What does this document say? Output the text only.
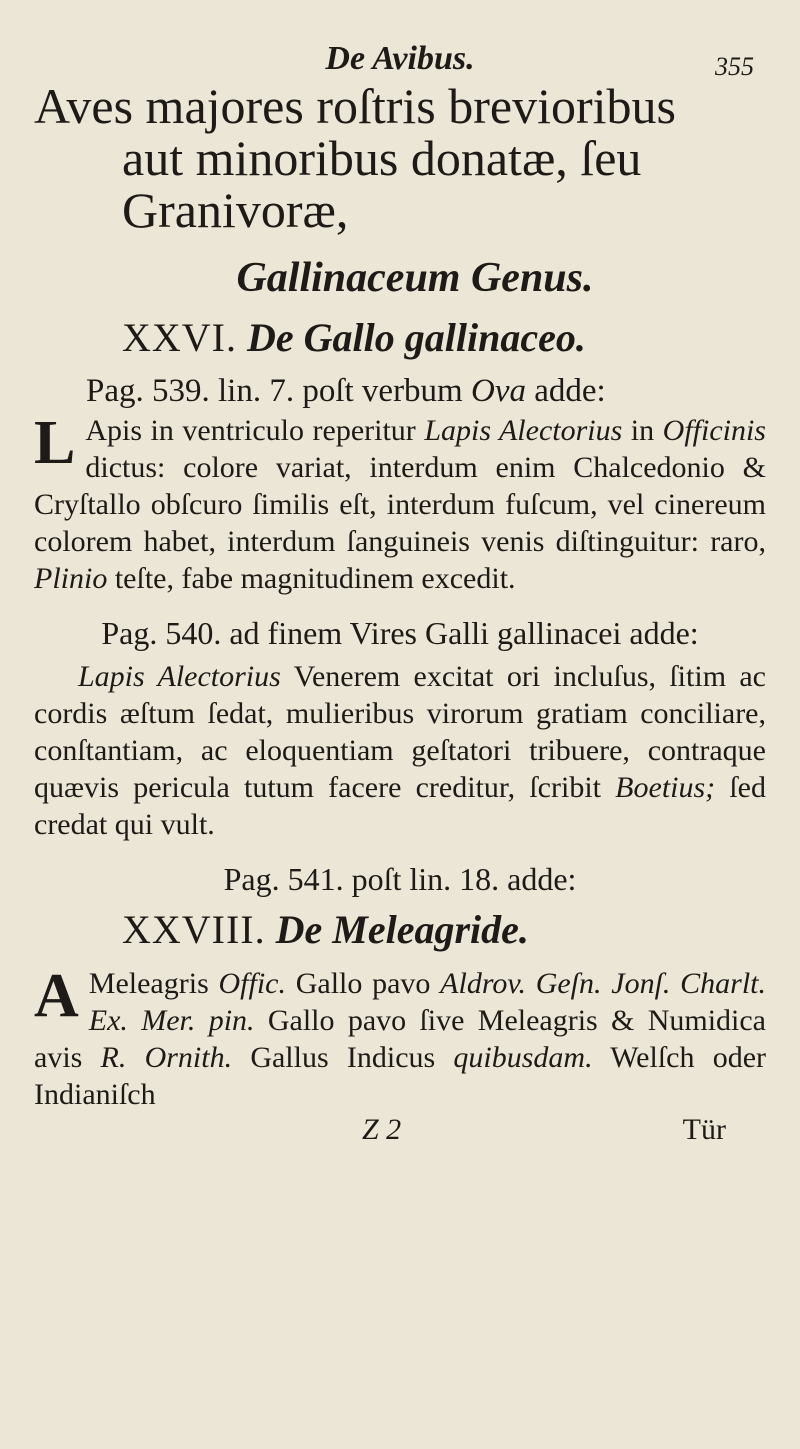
De Avibus.	355
Aves majores roſtris brevioribus
aut minoribus donatæ, ſeu
Granivoræ,
Gallinaceum Genus.
XXVI. De Gallo gallinaceo.
Pag. 539. lin. 7. poſt verbum Ova adde:

L Apis in ventriculo reperitur Lapis Alectorius in Officinis dictus: colore variat, interdum enim Chalcedonio & Cryſtallo obſcuro ſimilis eſt, interdum fuſcum, vel cinereum colorem habet, interdum ſanguineis venis diſtinguitur: raro, Plinio teſte, fabe magnitudinem excedit.

Pag. 540. ad finem Vires Galli gallinacei adde:

Lapis Alectorius Venerem excitat ori incluſus, ſitim ac cordis æſtum ſedat, mulieribus virorum gratiam conciliare, conſtantiam, ac eloquentiam geſtatori tribuere, contraque quævis pericula tutum facere creditur, ſcribit Boetius; ſed credat qui vult.

Pag. 541. poſt lin. 18. adde:
XXVIII. De Meleagride.

A Meleagris Offic. Gallo pavo Aldrov. Geſn. Jonſ. Charlt. Ex. Mer. pin. Gallo pavo ſive Meleagris & Numidica avis R. Ornith. Gallus Indicus quibusdam. Welſch oder Indianiſch

Z 2	Tür
